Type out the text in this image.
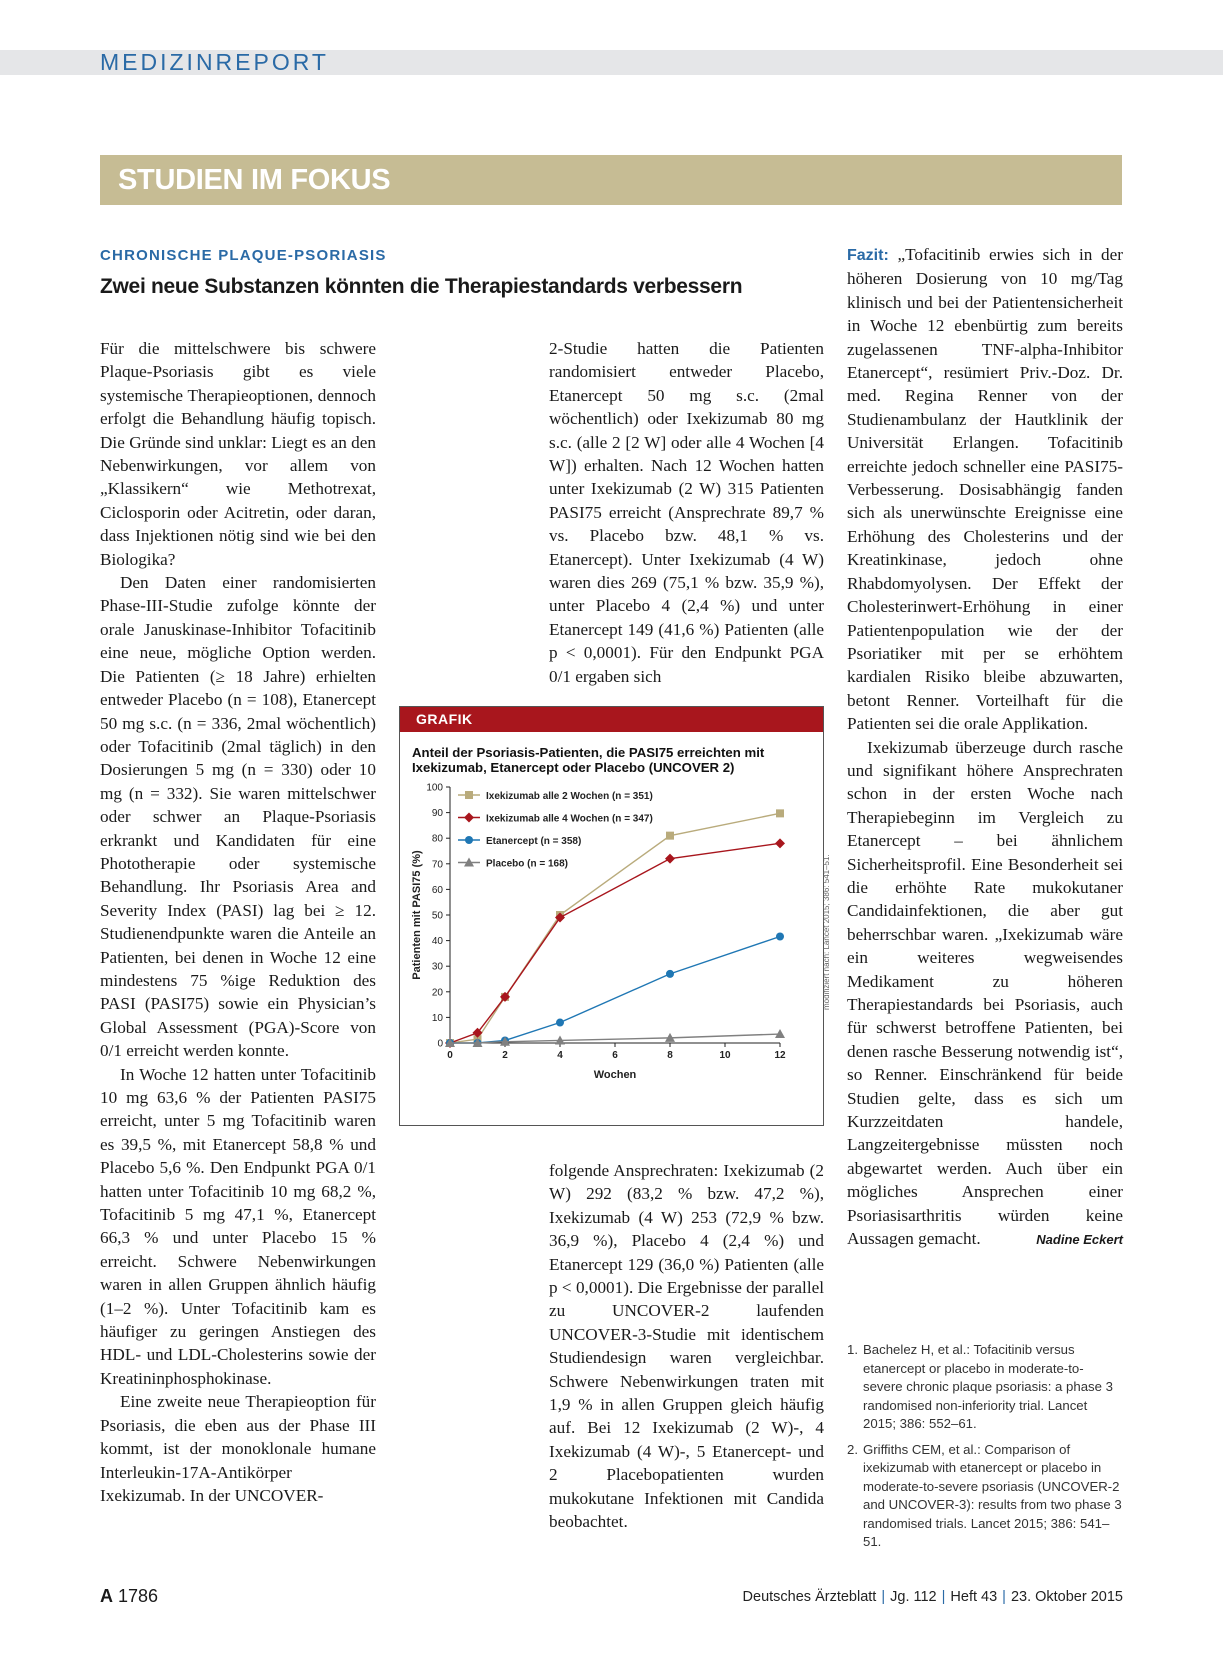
MEDIZINREPORT
STUDIEN IM FOKUS
CHRONISCHE PLAQUE-PSORIASIS
Zwei neue Substanzen könnten die Therapiestandards verbessern

Für die mittelschwere bis schwere Plaque-Psoriasis gibt es viele systemische Therapieoptionen, dennoch erfolgt die Behandlung häufig topisch. Die Gründe sind unklar: Liegt es an den Nebenwirkungen, vor allem von „Klassikern“ wie Methotrexat, Ciclosporin oder Acitretin, oder daran, dass Injektionen nötig sind wie bei den Biologika?

Den Daten einer randomisierten Phase-III-Studie zufolge könnte der orale Januskinase-Inhibitor Tofacitinib eine neue, mögliche Option werden. Die Patienten (≥ 18 Jahre) erhielten entweder Placebo (n = 108), Etanercept 50 mg s.c. (n = 336, 2mal wöchentlich) oder Tofacitinib (2mal täglich) in den Dosierungen 5 mg (n = 330) oder 10 mg (n = 332). Sie waren mittelschwer oder schwer an Plaque-Psoriasis erkrankt und Kandidaten für eine Phototherapie oder systemische Behandlung. Ihr Psoriasis Area and Severity Index (PASI) lag bei ≥ 12. Studienendpunkte waren die Anteile an Patienten, bei denen in Woche 12 eine mindestens 75 %ige Reduktion des PASI (PASI75) sowie ein Physician’s Global Assessment (PGA)-Score von 0/1 erreicht werden konnte.

In Woche 12 hatten unter Tofacitinib 10 mg 63,6 % der Patienten PASI75 erreicht, unter 5 mg Tofacitinib waren es 39,5 %, mit Etanercept 58,8 % und Placebo 5,6 %. Den Endpunkt PGA 0/1 hatten unter Tofacitinib 10 mg 68,2 %, Tofacitinib 5 mg 47,1 %, Etanercept 66,3 % und unter Placebo 15 % erreicht. Schwere Nebenwirkungen waren in allen Gruppen ähnlich häufig (1–2 %). Unter Tofacitinib kam es häufiger zu geringen Anstiegen des HDL- und LDL-Cholesterins sowie der Kreatininphosphokinase.

Eine zweite neue Therapieoption für Psoriasis, die eben aus der Phase III kommt, ist der monoklonale humane Interleukin-17A-Antikörper Ixekizumab. In der UNCOVER-

2-Studie hatten die Patienten randomisiert entweder Placebo, Etanercept 50 mg s.c. (2mal wöchentlich) oder Ixekizumab 80 mg s.c. (alle 2 [2 W] oder alle 4 Wochen [4 W]) erhalten. Nach 12 Wochen hatten unter Ixekizumab (2 W) 315 Patienten PASI75 erreicht (Ansprechrate 89,7 % vs. Placebo bzw. 48,1 % vs. Etanercept). Unter Ixekizumab (4 W) waren dies 269 (75,1 % bzw. 35,9 %), unter Placebo 4 (2,4 %) und unter Etanercept 149 (41,6 %) Patienten (alle p < 0,0001). Für den Endpunkt PGA 0/1 ergaben sich

GRAFIK
Anteil der Psoriasis-Patienten, die PASI75 erreichten mit Ixekizumab, Etanercept oder Placebo (UNCOVER 2)
0
10
20
30
40
50
60
70
80
90
100
0	2	4	6	8	10	12
Wochen
Patienten mit PASI75 (%)
Ixekizumab alle 2 Wochen (n = 351)
Ixekizumab alle 4 Wochen (n = 347)
Etanercept (n = 358)
Placebo (n = 168)	modifiziert nach: Lancet 2015; 386: 541–51.

folgende Ansprechraten: Ixekizumab (2 W) 292 (83,2 % bzw. 47,2 %), Ixekizumab (4 W) 253 (72,9 % bzw. 36,9 %), Placebo 4 (2,4 %) und Etanercept 129 (36,0 %) Patienten (alle p < 0,0001). Die Ergebnisse der parallel zu UNCOVER-2 laufenden UNCOVER-3-Studie mit identischem Studiendesign waren vergleichbar. Schwere Nebenwirkungen traten mit 1,9 % in allen Gruppen gleich häufig auf. Bei 12 Ixekizumab (2 W)-, 4 Ixekizumab (4 W)-, 5 Etanercept- und 2 Placebopatienten wurden mukokutane Infektionen mit Candida beobachtet.

Fazit: „Tofacitinib erwies sich in der höheren Dosierung von 10 mg/Tag klinisch und bei der Patientensicherheit in Woche 12 ebenbürtig zum bereits zugelassenen TNF-alpha-Inhibitor Etanercept“, resümiert Priv.-Doz. Dr. med. Regina Renner von der Studienambulanz der Hautklinik der Universität Erlangen. Tofacitinib erreichte jedoch schneller eine PASI75-Verbesserung. Dosisabhängig fanden sich als unerwünschte Ereignisse eine Erhöhung des Cholesterins und der Kreatinkinase, jedoch ohne Rhabdomyolysen. Der Effekt der Cholesterinwert-Erhöhung in einer Patientenpopulation wie der der Psoriatiker mit per se erhöhtem kardialen Risiko bleibe abzuwarten, betont Renner. Vorteilhaft für die Patienten sei die orale Applikation.

Ixekizumab überzeuge durch rasche und signifikant höhere Ansprechraten schon in der ersten Woche nach Therapiebeginn im Vergleich zu Etanercept – bei ähnlichem Sicherheitsprofil. Eine Besonderheit sei die erhöhte Rate mukokutaner Candidainfektionen, die aber gut beherrschbar waren. „Ixekizumab wäre ein weiteres wegweisendes Medikament zu höheren Therapiestandards bei Psoriasis, auch für schwerst betroffene Patienten, bei denen rasche Besserung notwendig ist“, so Renner. Einschränkend für beide Studien gelte, dass es sich um Kurzzeitdaten handele, Langzeitergebnisse müssten noch abgewartet werden. Auch über ein mögliches Ansprechen einer Psoriasisarthritis würden keine Aussagen gemacht.	Nadine Eckert
1. Bachelez H, et al.: Tofacitinib versus etanercept or placebo in moderate-to-severe chronic plaque psoriasis: a phase 3 randomised non-inferiority trial. Lancet 2015; 386: 552–61.
2. Griffiths CEM, et al.: Comparison of ixekizumab with etanercept or placebo in moderate-to-severe psoriasis (UNCOVER-2 and UNCOVER-3): results from two phase 3 randomised trials. Lancet 2015; 386: 541–51.
A 1786	Deutsches Ärzteblatt | Jg. 112 | Heft 43 | 23. Oktober 2015
